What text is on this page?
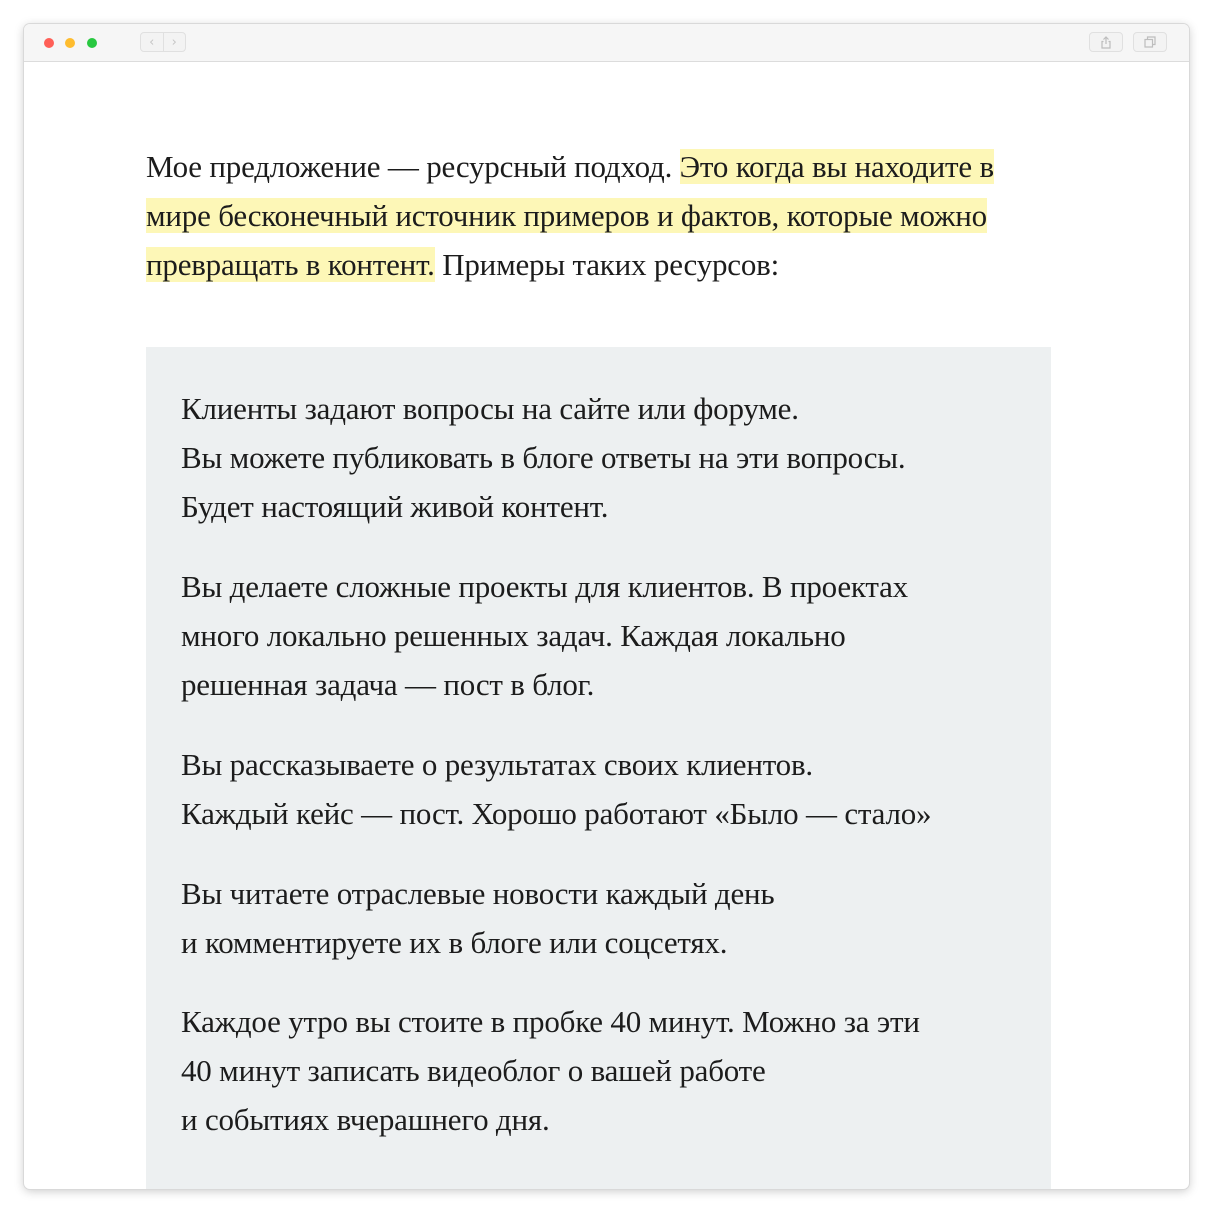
‹ ›

Мое предложение — ресурсный подход. Это когда вы находите в мире бесконечный источник примеров и фактов, которые можно превращать в контент. Примеры таких ресурсов:

Клиенты задают вопросы на сайте или форуме.
Вы можете публиковать в блоге ответы на эти вопросы.
Будет настоящий живой контент.

Вы делаете сложные проекты для клиентов. В проектах
много локально решенных задач. Каждая локально
решенная задача — пост в блог.

Вы рассказываете о результатах своих клиентов.
Каждый кейс — пост. Хорошо работают «Было — стало»

Вы читаете отраслевые новости каждый день
и комментируете их в блоге или соцсетях.

Каждое утро вы стоите в пробке 40 минут. Можно за эти
40 минут записать видеоблог о вашей работе
и событиях вчерашнего дня.
